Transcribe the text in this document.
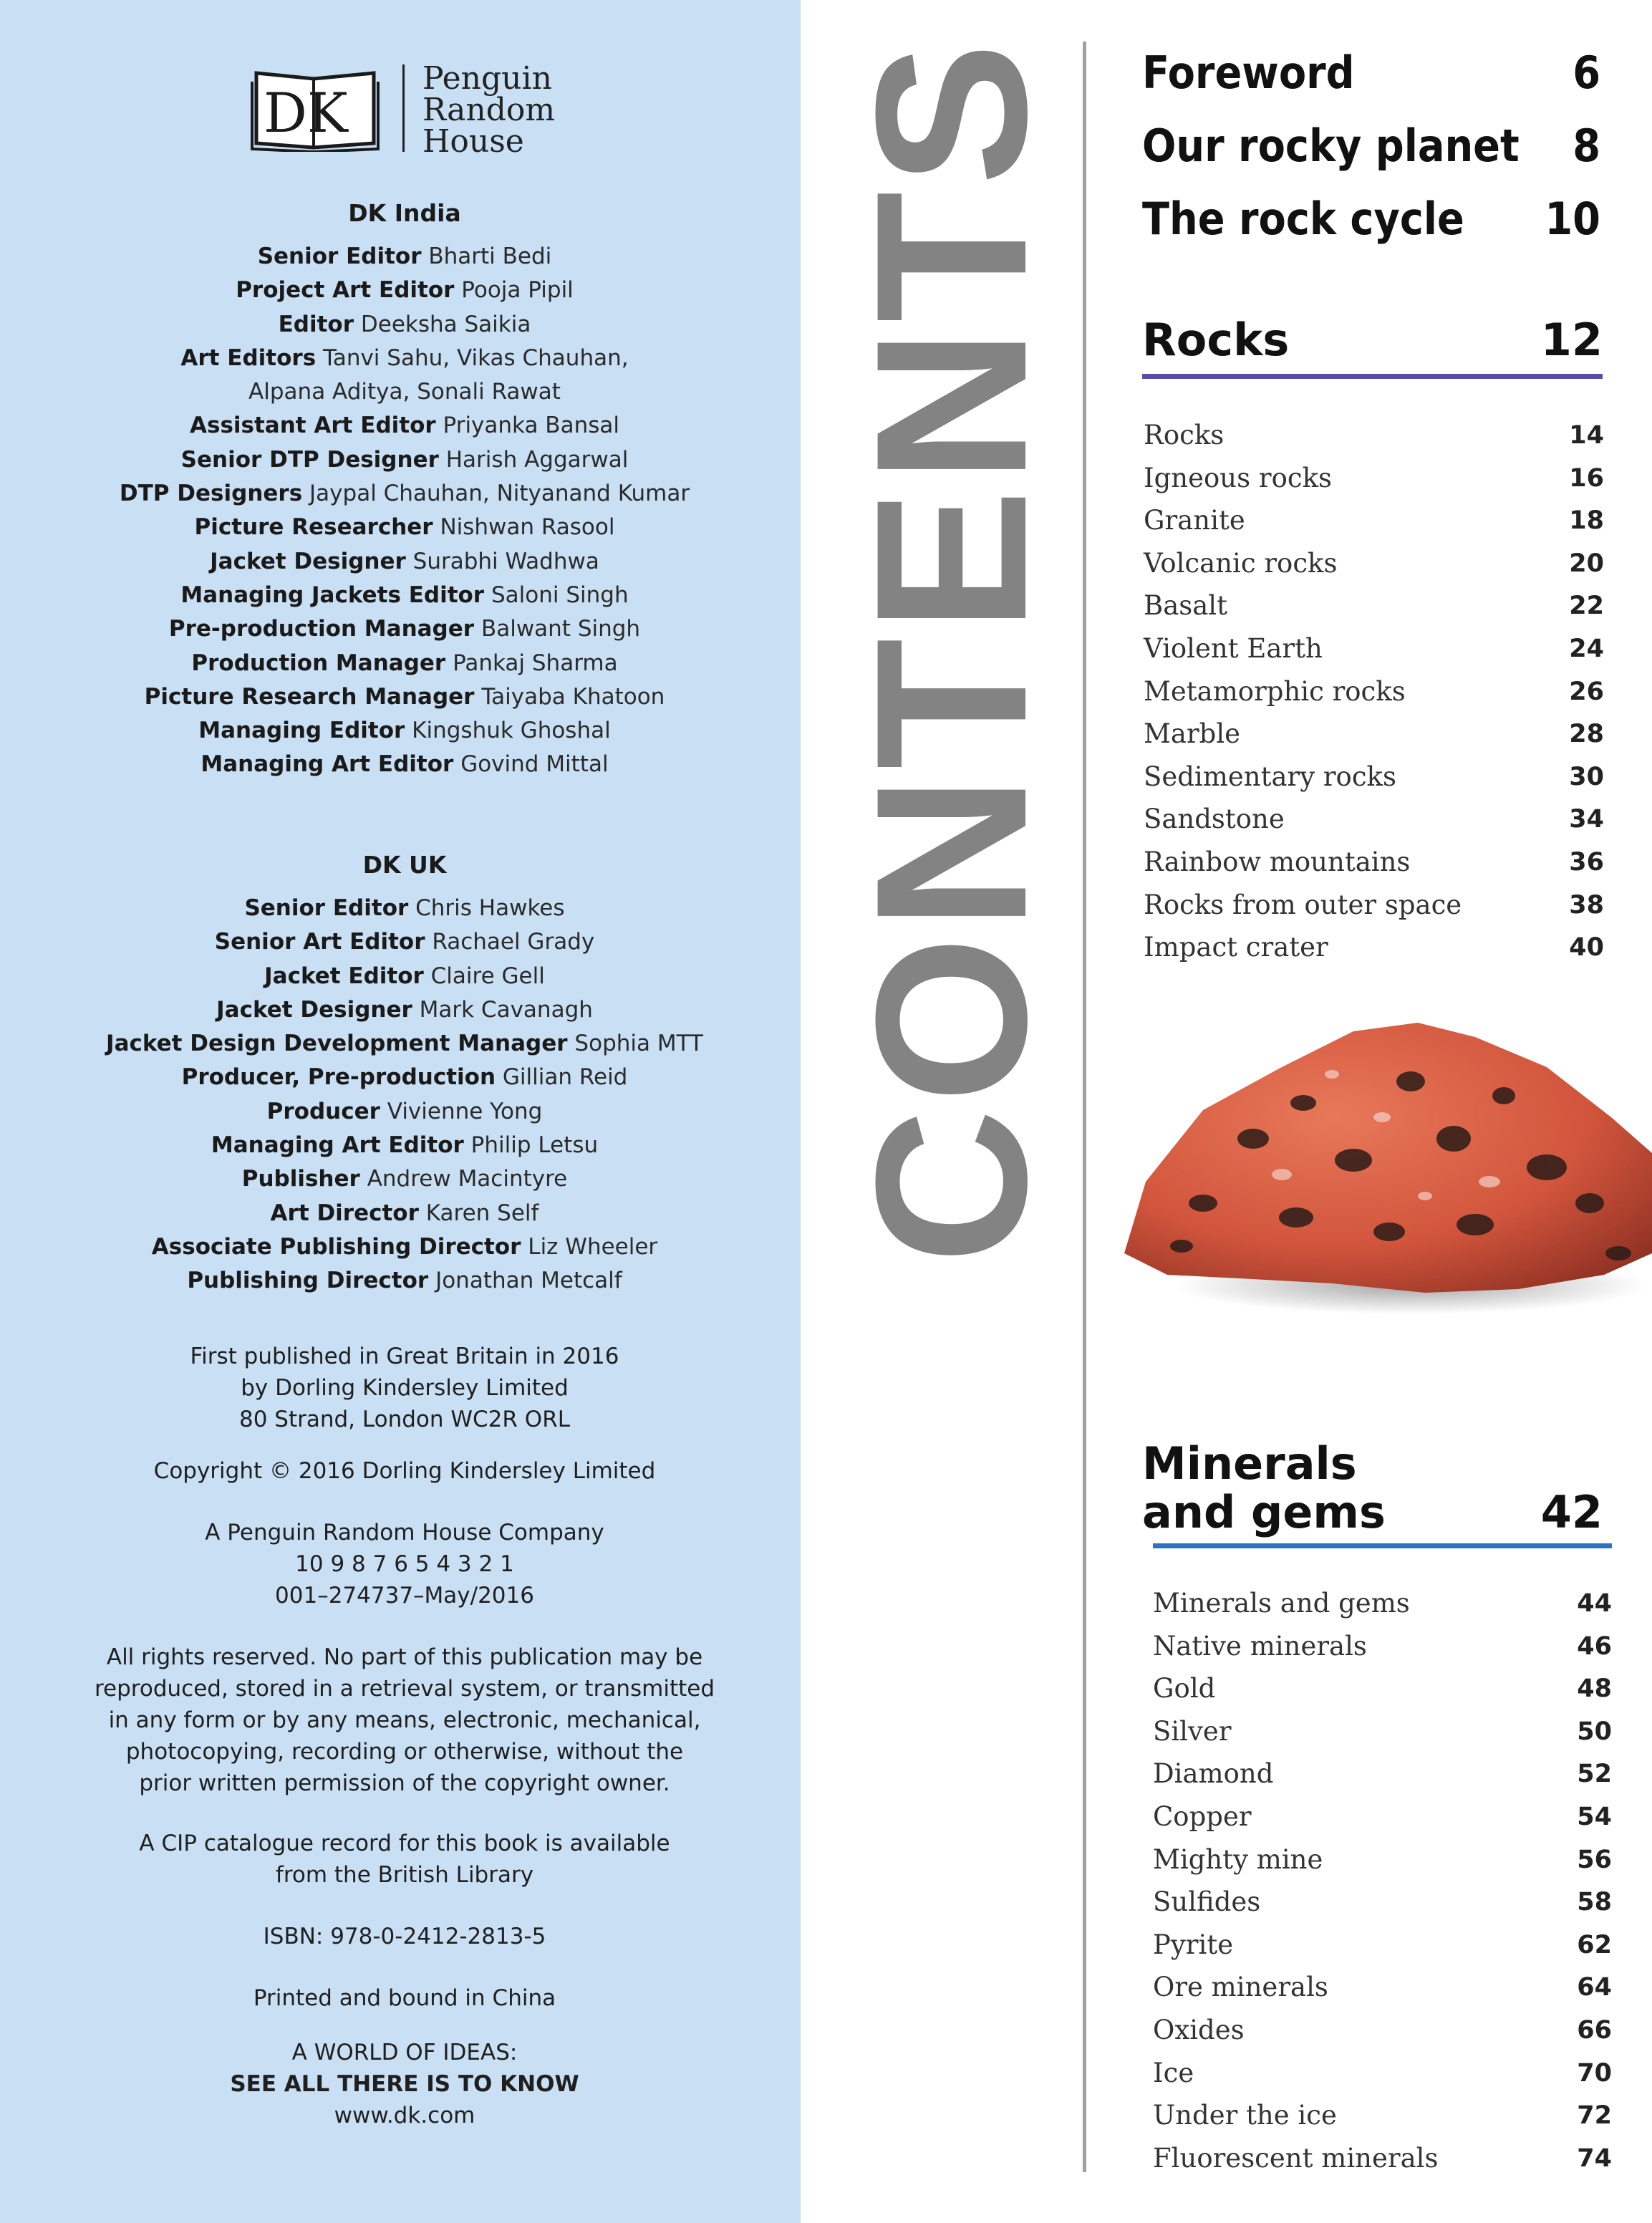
DK
Penguin
Random
House
DK India
Senior Editor Bharti Bedi
Project Art Editor Pooja Pipil
Editor Deeksha Saikia
Art Editors Tanvi Sahu, Vikas Chauhan,
Alpana Aditya, Sonali Rawat
Assistant Art Editor Priyanka Bansal
Senior DTP Designer Harish Aggarwal
DTP Designers Jaypal Chauhan, Nityanand Kumar
Picture Researcher Nishwan Rasool
Jacket Designer Surabhi Wadhwa
Managing Jackets Editor Saloni Singh
Pre-production Manager Balwant Singh
Production Manager Pankaj Sharma
Picture Research Manager Taiyaba Khatoon
Managing Editor Kingshuk Ghoshal
Managing Art Editor Govind Mittal
DK UK
Senior Editor Chris Hawkes
Senior Art Editor Rachael Grady
Jacket Editor Claire Gell
Jacket Designer Mark Cavanagh
Jacket Design Development Manager Sophia MTT
Producer, Pre-production Gillian Reid
Producer Vivienne Yong
Managing Art Editor Philip Letsu
Publisher Andrew Macintyre
Art Director Karen Self
Associate Publishing Director Liz Wheeler
Publishing Director Jonathan Metcalf
First published in Great Britain in 2016
by Dorling Kindersley Limited
80 Strand, London WC2R ORL
Copyright © 2016 Dorling Kindersley Limited
A Penguin Random House Company
10 9 8 7 6 5 4 3 2 1
001–274737–May/2016
All rights reserved. No part of this publication may be
reproduced, stored in a retrieval system, or transmitted
in any form or by any means, electronic, mechanical,
photocopying, recording or otherwise, without the
prior written permission of the copyright owner.
A CIP catalogue record for this book is available
from the British Library
ISBN: 978-0-2412-2813-5
Printed and bound in China
A WORLD OF IDEAS:
SEE ALL THERE IS TO KNOW
www.dk.com
CONTENTS Foreword	6
Our rocky planet 8
The rock cycle 10
Rocks	12
Rocks	14
Igneous rocks	16
Granite	18
Volcanic rocks	20
Basalt	22
Violent Earth	24
Metamorphic rocks	26
Marble	28
Sedimentary rocks	30
Sandstone	34
Rainbow mountains	36
Rocks from outer space	38
Impact crater	40
Minerals
and gems	42
Minerals and gems	44
Native minerals	46
Gold	48
Silver	50
Diamond	52
Copper	54
Mighty mine	56
Sulfides	58
Pyrite	62
Ore minerals	64
Oxides	66
Ice	70
Under the ice	72
Fluorescent minerals	74
